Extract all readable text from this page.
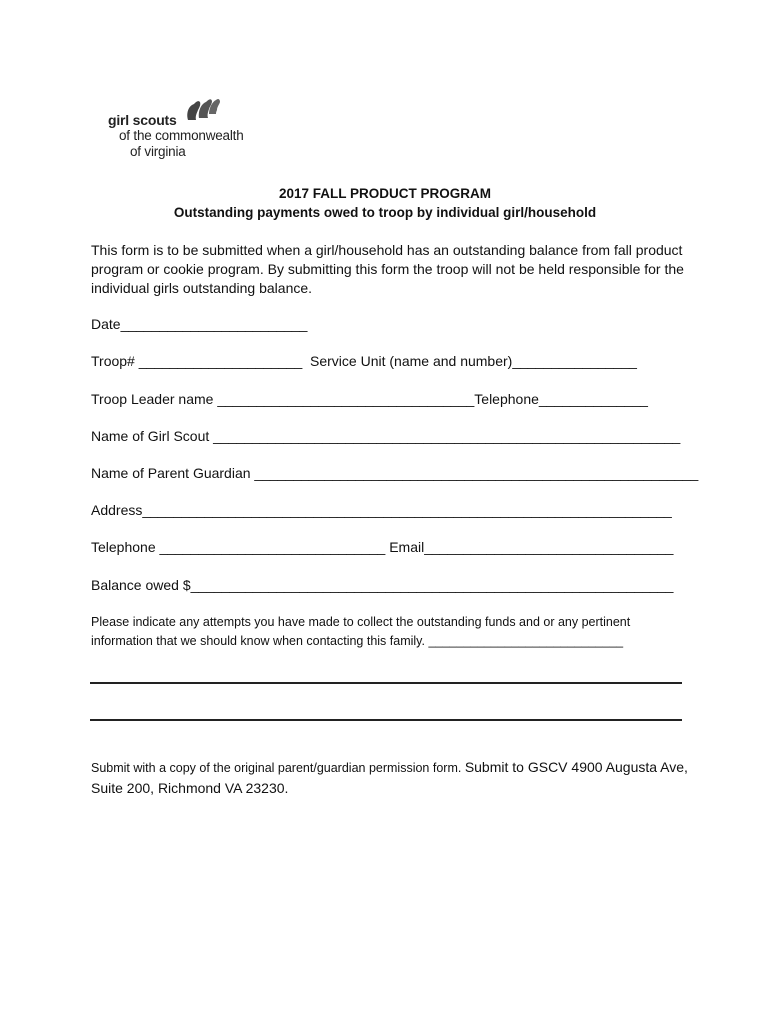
girl scouts
of the commonwealth
of virginia
2017 FALL PRODUCT PROGRAM
Outstanding payments owed to troop by individual girl/household
This form is to be submitted when a girl/household has an outstanding balance from fall product program or cookie program. By submitting this form the troop will not be held responsible for the individual girls outstanding balance.
Date________________________
Troop# _____________________  Service Unit (name and number)________________
Troop Leader name _________________________________Telephone______________
Name of Girl Scout ____________________________________________________________
Name of Parent Guardian _________________________________________________________
Address____________________________________________________________________
Telephone _____________________________ Email________________________________
Balance owed $______________________________________________________________
Please indicate any attempts you have made to collect the outstanding funds and or any pertinent
information that we should know when contacting this family. ____________________________
Submit with a copy of the original parent/guardian permission form. Submit to GSCV 4900 Augusta Ave, Suite 200, Richmond VA 23230.
